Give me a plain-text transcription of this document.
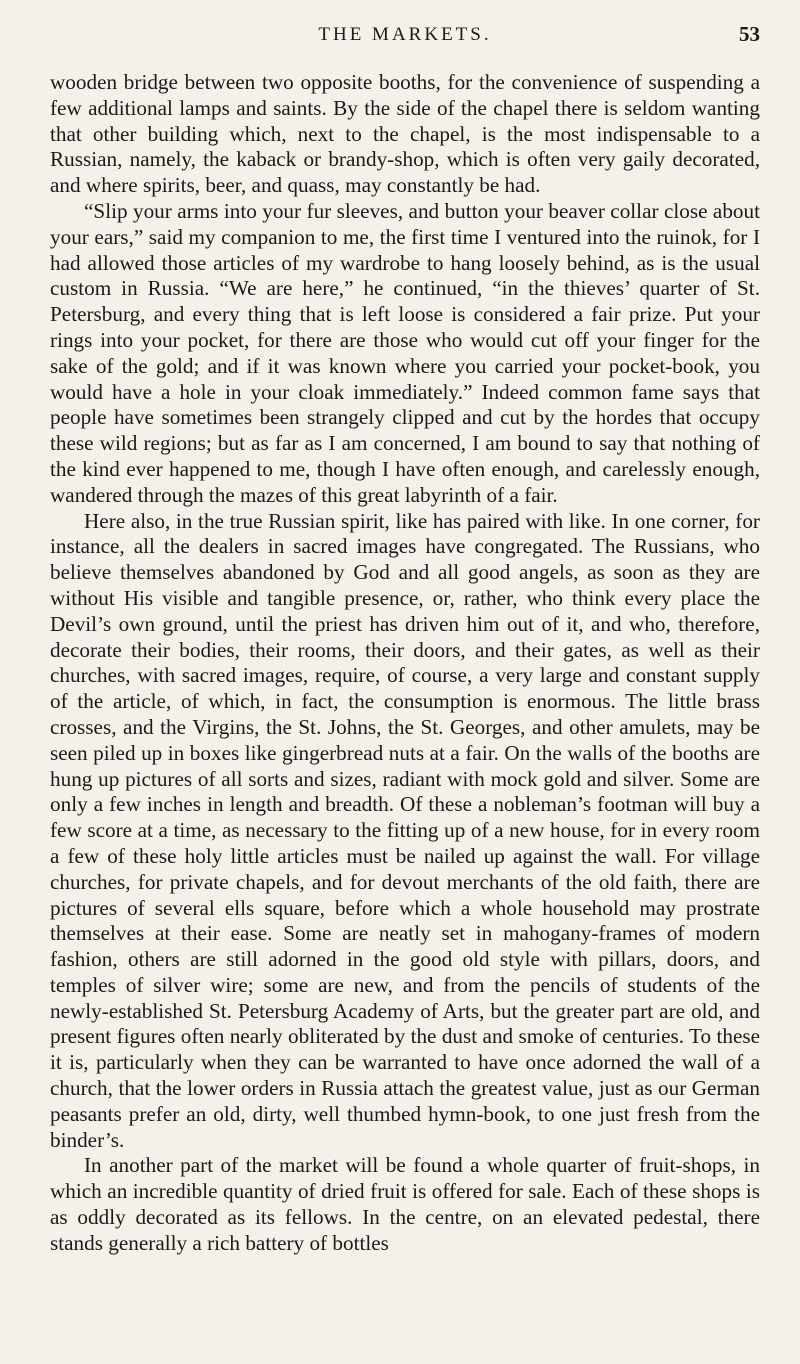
THE MARKETS.	53

wooden bridge between two opposite booths, for the convenience of suspending a few additional lamps and saints. By the side of the chapel there is seldom wanting that other building which, next to the chapel, is the most indispensable to a Russian, namely, the kaback or brandy-shop, which is often very gaily decorated, and where spirits, beer, and quass, may constantly be had.

“Slip your arms into your fur sleeves, and button your beaver collar close about your ears,” said my companion to me, the first time I ventured into the ruinok, for I had allowed those articles of my wardrobe to hang loosely behind, as is the usual custom in Russia. “We are here,” he continued, “in the thieves’ quarter of St. Petersburg, and every thing that is left loose is considered a fair prize. Put your rings into your pocket, for there are those who would cut off your finger for the sake of the gold; and if it was known where you carried your pocket-book, you would have a hole in your cloak immediately.” Indeed common fame says that people have sometimes been strangely clipped and cut by the hordes that occupy these wild regions; but as far as I am concerned, I am bound to say that nothing of the kind ever happened to me, though I have often enough, and carelessly enough, wandered through the mazes of this great labyrinth of a fair.

Here also, in the true Russian spirit, like has paired with like. In one corner, for instance, all the dealers in sacred images have congregated. The Russians, who believe themselves abandoned by God and all good angels, as soon as they are without His visible and tangible presence, or, rather, who think every place the Devil’s own ground, until the priest has driven him out of it, and who, therefore, decorate their bodies, their rooms, their doors, and their gates, as well as their churches, with sacred images, require, of course, a very large and constant supply of the article, of which, in fact, the consumption is enormous. The little brass crosses, and the Virgins, the St. Johns, the St. Georges, and other amulets, may be seen piled up in boxes like gingerbread nuts at a fair. On the walls of the booths are hung up pictures of all sorts and sizes, radiant with mock gold and silver. Some are only a few inches in length and breadth. Of these a nobleman’s footman will buy a few score at a time, as necessary to the fitting up of a new house, for in every room a few of these holy little articles must be nailed up against the wall. For village churches, for private chapels, and for devout merchants of the old faith, there are pictures of several ells square, before which a whole household may prostrate themselves at their ease. Some are neatly set in mahogany-frames of modern fashion, others are still adorned in the good old style with pillars, doors, and temples of silver wire; some are new, and from the pencils of students of the newly-established St. Petersburg Academy of Arts, but the greater part are old, and present figures often nearly obliterated by the dust and smoke of centuries. To these it is, particularly when they can be warranted to have once adorned the wall of a church, that the lower orders in Russia attach the greatest value, just as our German peasants prefer an old, dirty, well thumbed hymn-book, to one just fresh from the binder’s.

In another part of the market will be found a whole quarter of fruit-shops, in which an incredible quantity of dried fruit is offered for sale. Each of these shops is as oddly decorated as its fellows. In the centre, on an elevated pedestal, there stands generally a rich battery of bottles
